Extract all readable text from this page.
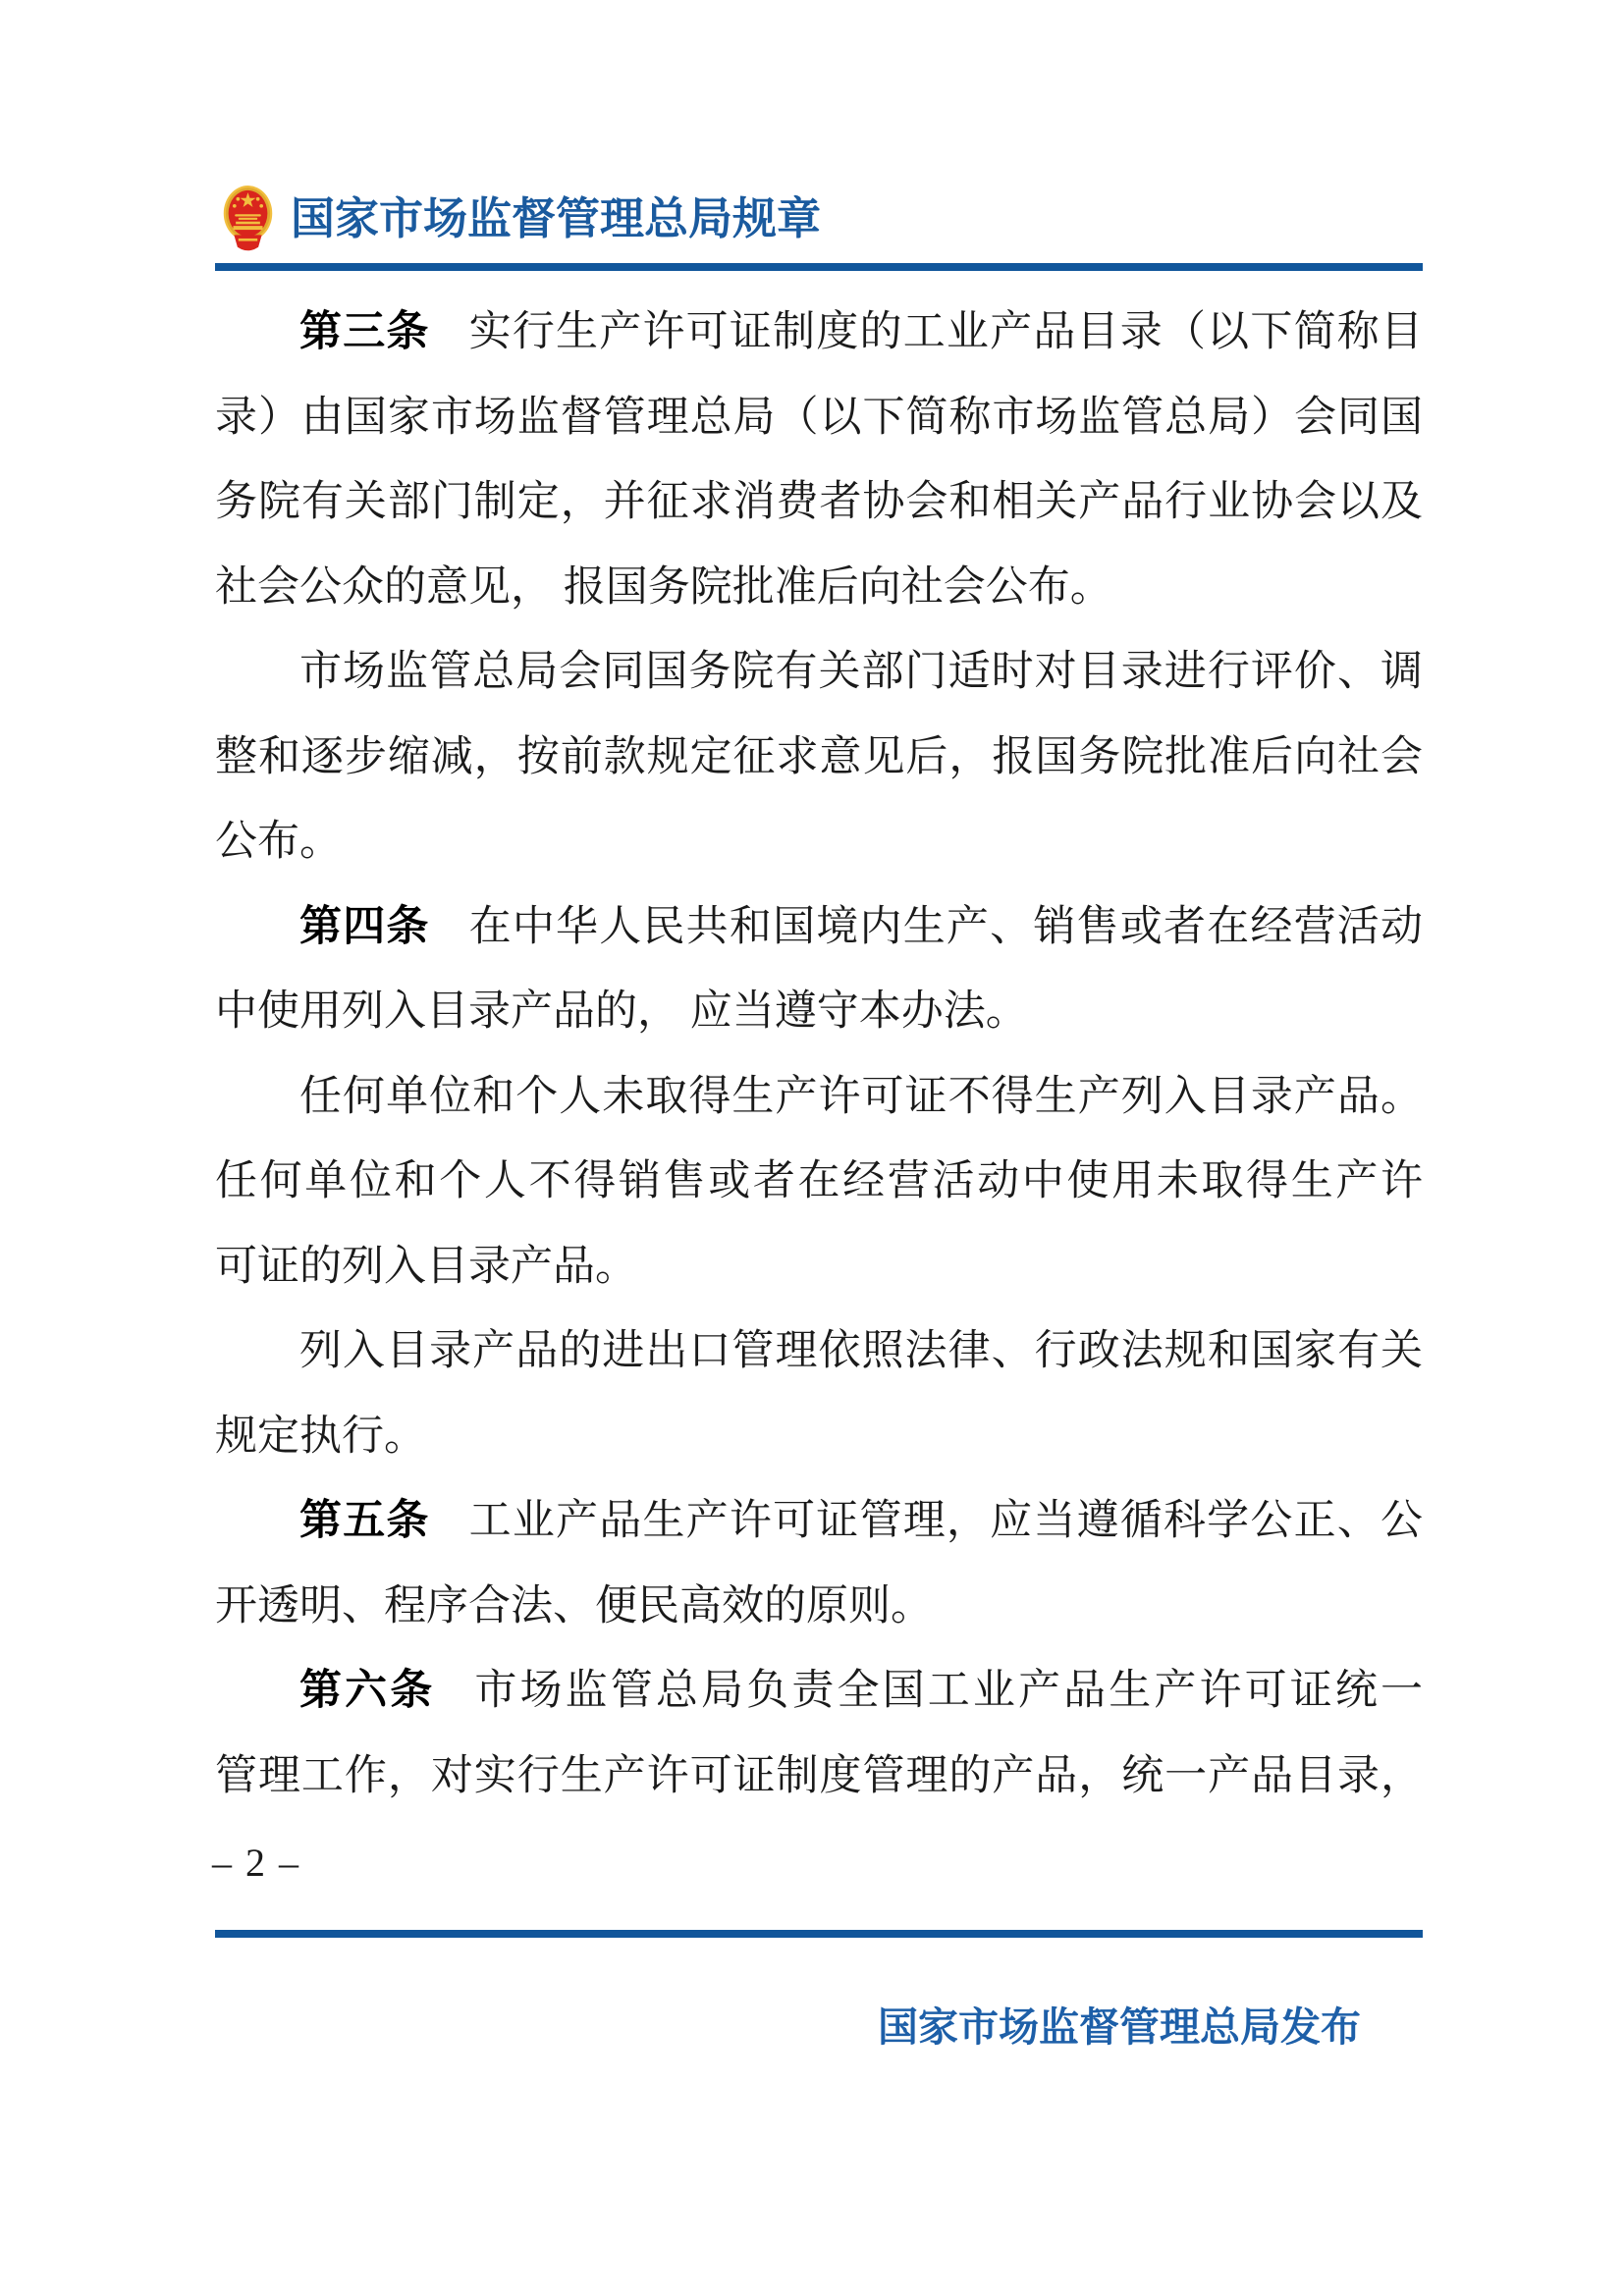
国家市场监督管理总局规章
第三条 实行生产许可证制度的工业产品目录（以下简称目
录）由国家市场监督管理总局（以下简称市场监管总局）会同国
务院有关部门制定，并征求消费者协会和相关产品行业协会以及
社会公众的意见， 报国务院批准后向社会公布。
市场监管总局会同国务院有关部门适时对目录进行评价、调
整和逐步缩减，按前款规定征求意见后，报国务院批准后向社会
公布。
第四条 在中华人民共和国境内生产、销售或者在经营活动
中使用列入目录产品的， 应当遵守本办法。
任何单位和个人未取得生产许可证不得生产列入目录产品。
任何单位和个人不得销售或者在经营活动中使用未取得生产许
可证的列入目录产品。
列入目录产品的进出口管理依照法律、行政法规和国家有关
规定执行。
第五条 工业产品生产许可证管理，应当遵循科学公正、公
开透明、程序合法、便民高效的原则。
第六条 市场监管总局负责全国工业产品生产许可证统一
管理工作，对实行生产许可证制度管理的产品，统一产品目录，
– 2 –
国家市场监督管理总局发布
